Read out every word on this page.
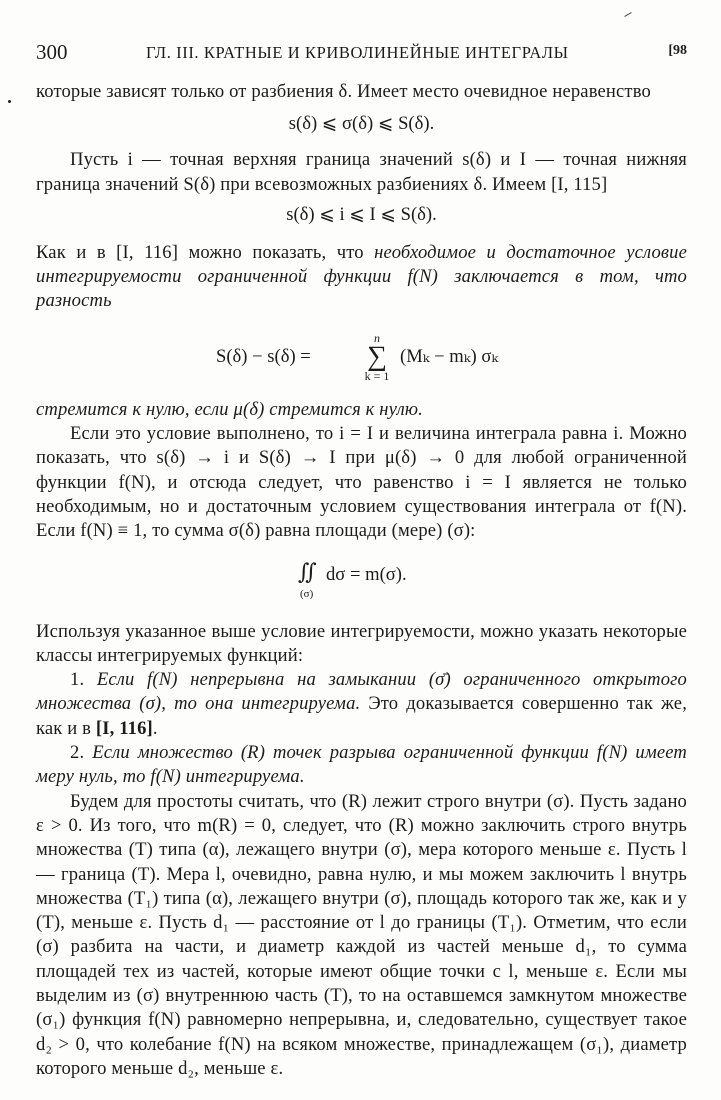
300	ГЛ. III. КРАТНЫЕ И КРИВОЛИНЕЙНЫЕ ИНТЕГРАЛЫ	[98

которые зависят только от разбиения δ. Имеет место очевидное неравенство

s(δ) ⩽ σ(δ) ⩽ S(δ).

Пусть i — точная верхняя граница значений s(δ) и I — точная нижняя граница значений S(δ) при всевозможных разбиениях δ. Имеем [I, 115]

s(δ) ⩽ i ⩽ I ⩽ S(δ).

Как и в [I, 116] можно показать, что необходимое и достаточное условие интегрируемости ограниченной функции f(N) заключается в том, что разность

S(δ) − s(δ) =
n
∑
k = 1
(Mₖ − mₖ) σₖ

стремится к нулю, если μ(δ) стремится к нулю.

Если это условие выполнено, то i = I и величина интеграла равна i. Можно показать, что s(δ) → i и S(δ) → I при μ(δ) → 0 для любой ограниченной функции f(N), и отсюда следует, что равенство i = I является не только необходимым, но и достаточным условием существования интеграла от f(N). Если f(N) ≡ 1, то сумма σ(δ) равна площади (мере) (σ):

∬
(σ)
dσ = m(σ).

Используя указанное выше условие интегрируемости, можно указать некоторые классы интегрируемых функций:

1. Если f(N) непрерывна на замыкании (σ̄) ограниченного открытого множества (σ), то она интегрируема. Это доказывается совершенно так же, как и в [I, 116].

2. Если множество (R) точек разрыва ограниченной функции f(N) имеет меру нуль, то f(N) интегрируема.

Будем для простоты считать, что (R) лежит строго внутри (σ). Пусть задано ε > 0. Из того, что m(R) = 0, следует, что (R) можно заключить строго внутрь множества (T) типа (α), лежащего внутри (σ), мера которого меньше ε. Пусть l — граница (T). Мера l, очевидно, равна нулю, и мы можем заключить l внутрь множества (T₁) типа (α), лежащего внутри (σ), площадь которого так же, как и у (T), меньше ε. Пусть d₁ — расстояние от l до границы (T₁). Отметим, что если (σ) разбита на части, и диаметр каждой из частей меньше d₁, то сумма площадей тех из частей, которые имеют общие точки с l, меньше ε. Если мы выделим из (σ) внутреннюю часть (T), то на оставшемся замкнутом множестве (σ₁) функция f(N) равномерно непрерывна, и, следовательно, существует такое d₂ > 0, что колебание f(N) на всяком множестве, принадлежащем (σ₁), диаметр которого меньше d₂, меньше ε.
